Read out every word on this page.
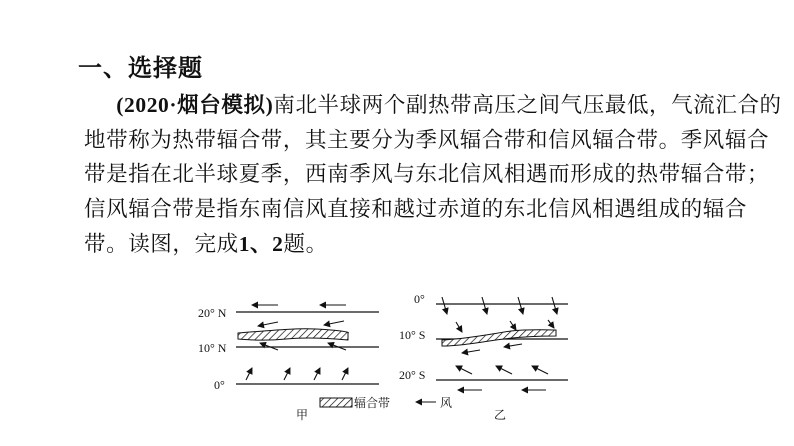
一、选择题
(2020·烟台模拟)南北半球两个副热带高压之间气压最低，气流汇合的地带称为热带辐合带，其主要分为季风辐合带和信风辐合带。季风辐合带是指在北半球夏季，西南季风与东北信风相遇而形成的热带辐合带；信风辐合带是指东南信风直接和越过赤道的东北信风相遇组成的辐合带。读图，完成1、2题。
20° N
10° N
0°
甲
0°
10° S
20° S
乙
辐合带	风
